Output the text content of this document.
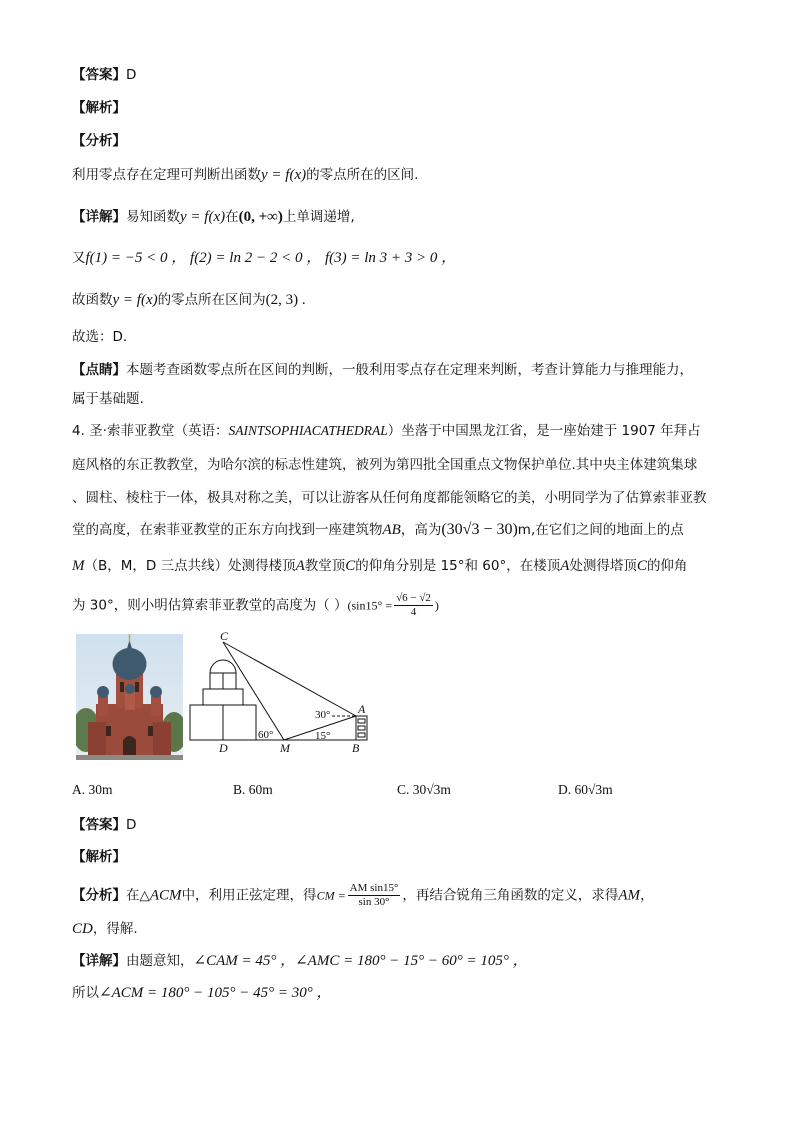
【答案】D
【解析】
【分析】
利用零点存在定理可判断出函数y = f(x)的零点所在的区间.
【详解】易知函数y = f(x)在(0, +∞)上单调递增,
又f(1) = −5 < 0 ， f(2) = ln 2 − 2 < 0 ， f(3) = ln 3 + 3 > 0 ，
故函数y = f(x)的零点所在区间为(2, 3) .
故选：D.
【点睛】本题考查函数零点所在区间的判断，一般利用零点存在定理来判断，考查计算能力与推理能力，
属于基础题.
4. 圣·索菲亚教堂（英语：SAINTSOPHIACATHEDRAL）坐落于中国黑龙江省，是一座始建于 1907 年拜占
庭风格的东正教教堂，为哈尔滨的标志性建筑，被列为第四批全国重点文物保护单位.其中央主体建筑集球
、圆柱、棱柱于一体，极具对称之美，可以让游客从任何角度都能领略它的美，小明同学为了估算索菲亚教
堂的高度，在索菲亚教堂的正东方向找到一座建筑物AB，高为(30√3 − 30)m,在它们之间的地面上的点
M（B，M，D 三点共线）处测得楼顶A教堂顶C的仰角分别是 15°和 60°，在楼顶A处测得塔顶C的仰角
为 30°，则小明估算索菲亚教堂的高度为（ ）($\sin 15^\circ = \frac{√6 - √2}{4}$ )
C
A
D	M	B
30°
60°	15°
A. 30m	B. 60m	C. 30√3m	D. 60√3m
【答案】D
【解析】
【分析】在△ACM中，利用正弦定理，得CM = $\frac{\text{AM sin15°}}{\sin 30^\circ}$ ，再结合锐角三角函数的定义，求得AM，
CD，得解.
【详解】由题意知，∠CAM = 45° ，∠AMC = 180° − 15° − 60° = 105° ，
所以∠ACM = 180° − 105° − 45° = 30° ，
